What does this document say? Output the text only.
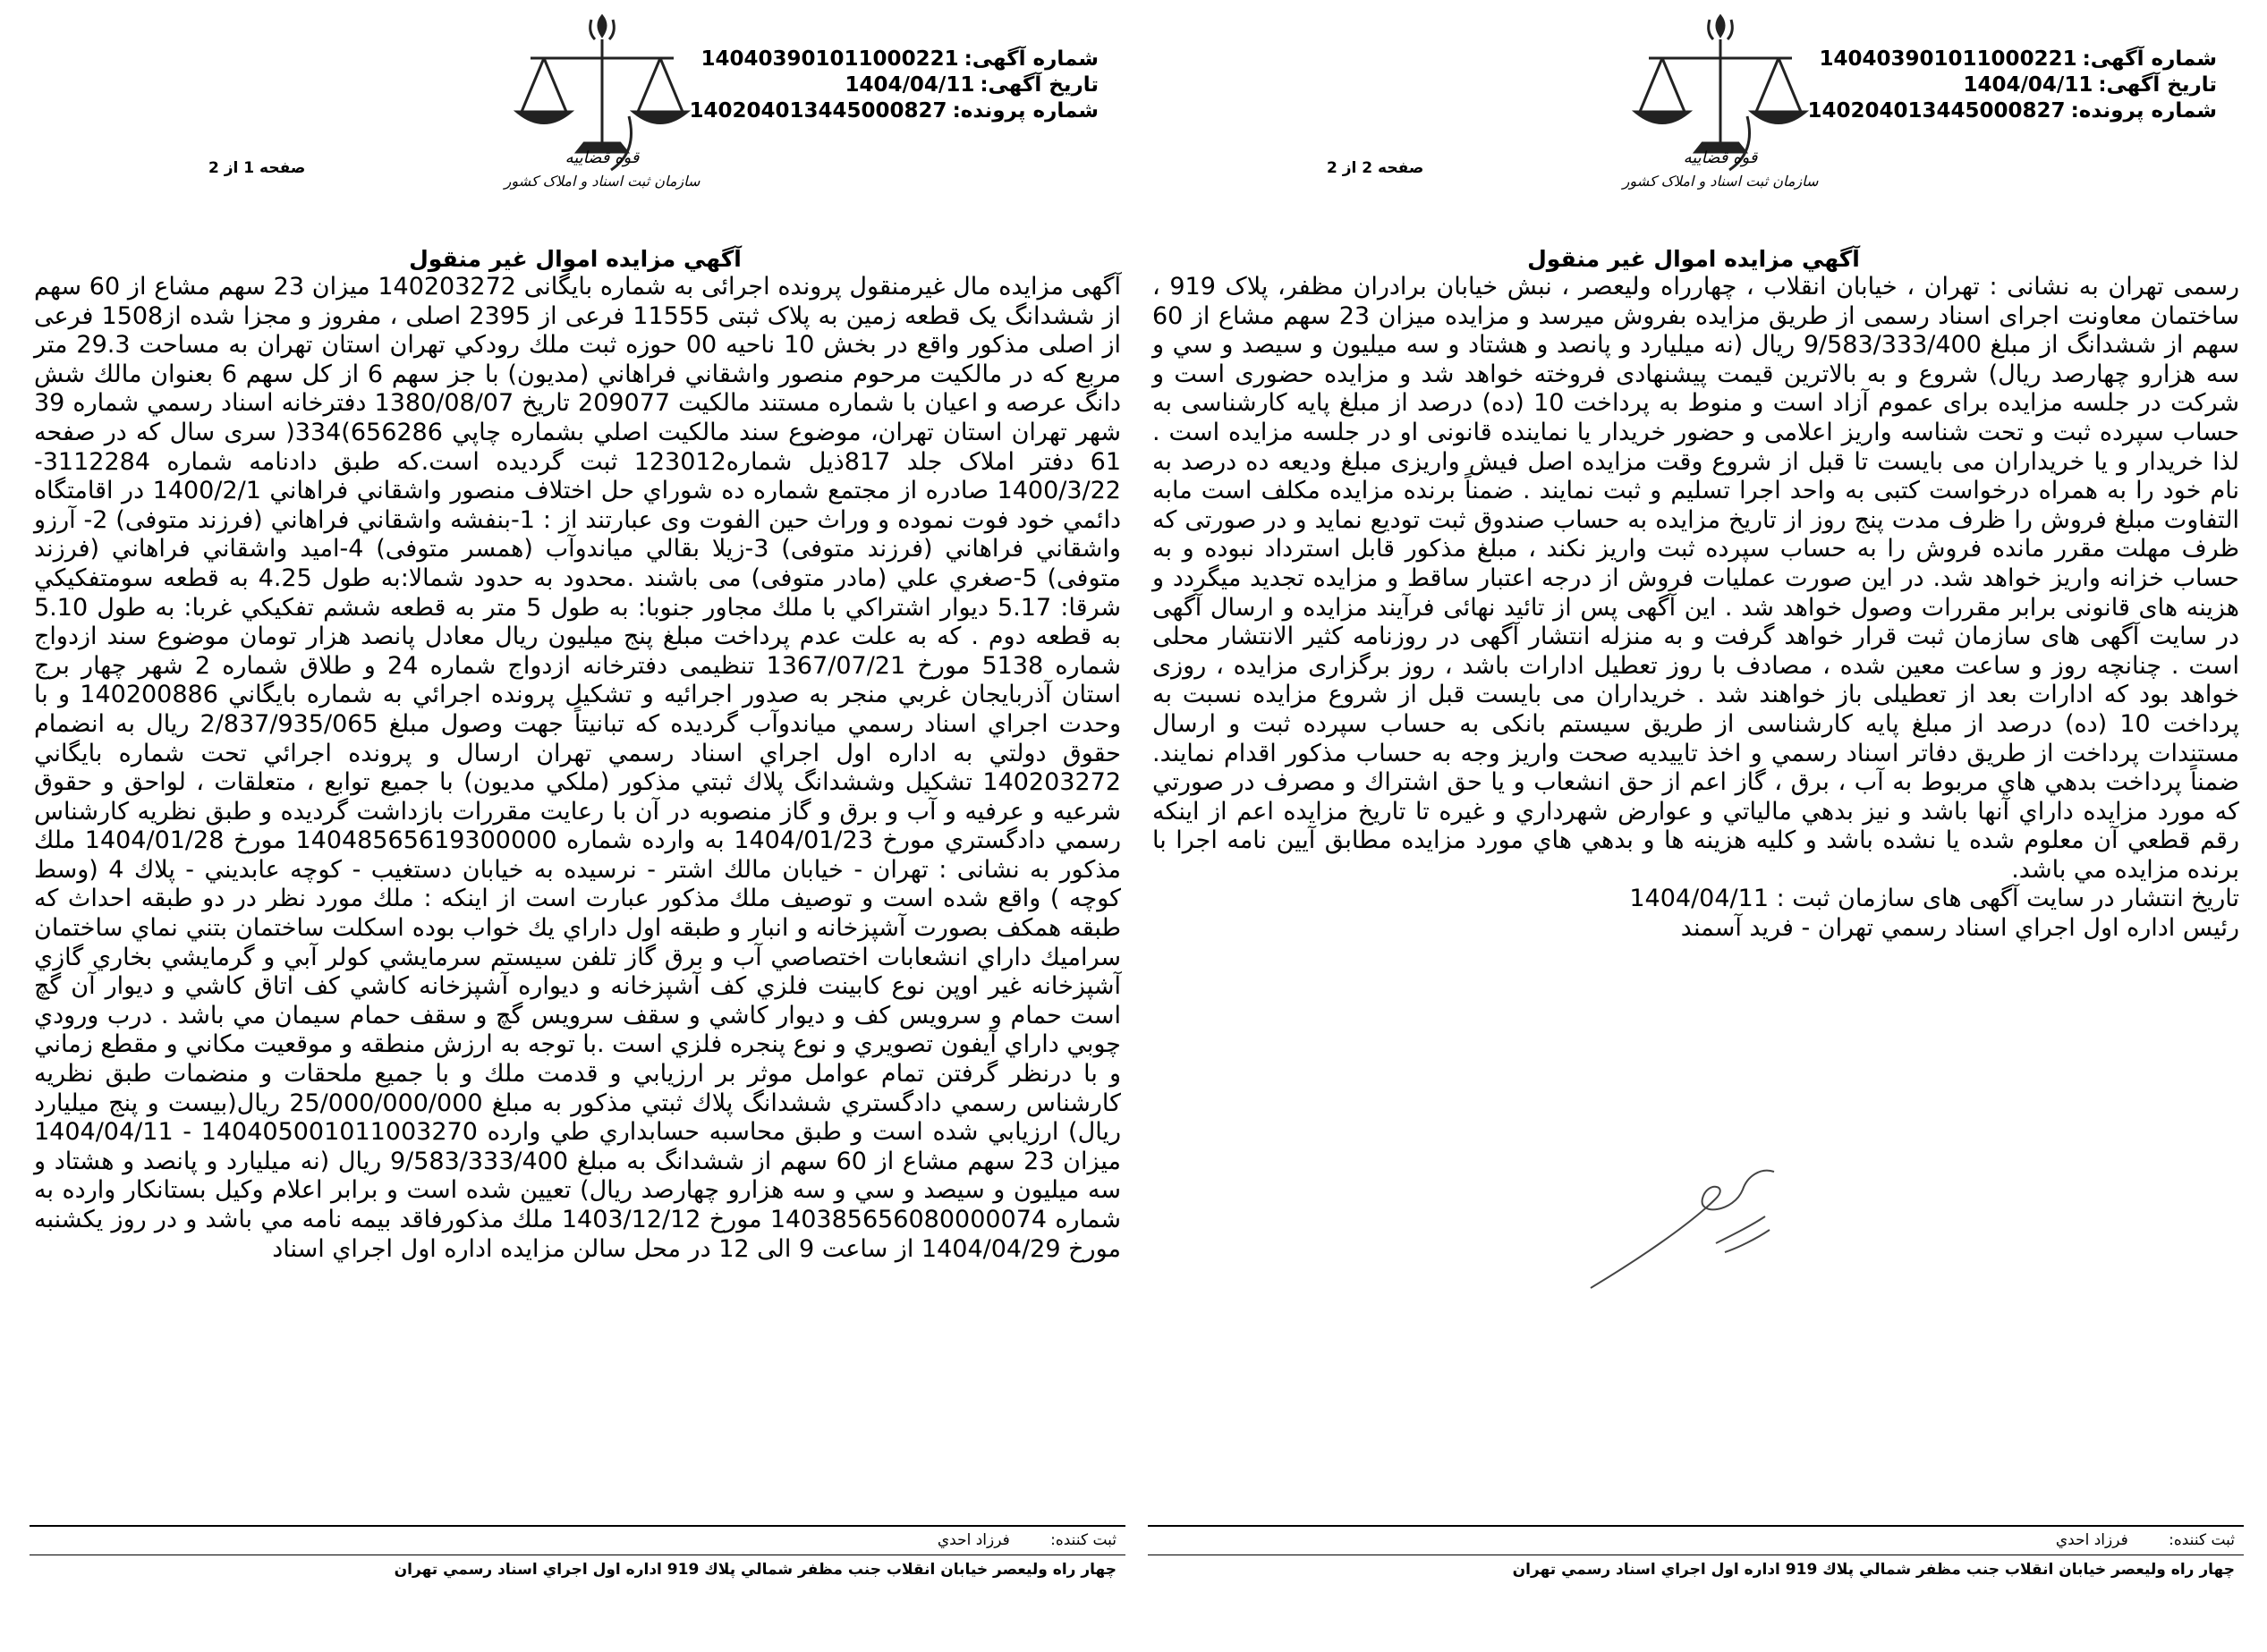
شماره آگهی:140403901011000221
تاریخ آگهی:1404/04/11
شماره پرونده:140204013445000827
قوه قضاییه
سازمان ثبت اسناد و املاک کشور
صفحه 1 از 2
آگهي مزايده اموال غير منقول

آگهی مزایده مال غیرمنقول پرونده اجرائی به شماره بایگانی 140203272 میزان 23 سهم مشاع از 60 سهم از ششدانگ یک قطعه زمین به پلاک ثبتی 11555 فرعی از 2395 اصلی ، مفروز و مجزا شده از1508 فرعی از اصلی مذکور واقع در بخش 10 ناحیه 00 حوزه ثبت ملك رودكي تهران استان تهران به مساحت 29.3 متر مربع كه در مالكيت مرحوم منصور واشقاني فراهاني (مديون) با جز سهم 6 از كل سهم 6 بعنوان مالك شش دانگ عرصه و اعيان با شماره مستند مالكيت 209077 تاريخ 1380/08/07 دفترخانه اسناد رسمي شماره 39 شهر تهران استان تهران، موضوع سند مالكيت اصلي بشماره چاپي 656286)334( سری سال که در صفحه 61 دفتر املاک جلد 817ذیل شماره123012 ثبت گرديده است.که طبق دادنامه شماره 3112284-1400/3/22 صادره از مجتمع شماره ده شوراي حل اختلاف منصور واشقاني فراهاني 1400/2/1 در اقامتگاه دائمي خود فوت نموده و وراث حين الفوت وی عبارتند از : 1-بنفشه واشقاني فراهاني (فرزند متوفی) 2- آرزو واشقاني فراهاني (فرزند متوفی) 3-زيلا بقالي مياندوآب (همسر متوفی) 4-اميد واشقاني فراهاني (فرزند متوفی) 5-صغري علي (مادر متوفی) می باشند .محدود به حدود شمالا:به طول 4.25 به قطعه سومتفكيكي شرقا: 5.17 ديوار اشتراكي با ملك مجاور جنوبا: به طول 5 متر به قطعه ششم تفكيكي غربا: به طول 5.10 به قطعه دوم . كه به علت عدم پرداخت مبلغ پنج ميليون ريال معادل پانصد هزار تومان موضوع سند ازدواج شماره 5138 مورخ 1367/07/21 تنظيمی دفترخانه ازدواج شماره 24 و طلاق شماره 2 شهر چهار برج استان آذربايجان غربي منجر به صدور اجرائيه و تشكيل پرونده اجرائي به شماره بايگاني 140200886 و با وحدت اجراي اسناد رسمي مياندوآب گرديده كه تبانيتاً جهت وصول مبلغ 2/837/935/065 ريال به انضمام حقوق دولتي به اداره اول اجراي اسناد رسمي تهران ارسال و پرونده اجرائي تحت شماره بايگاني 140203272 تشكيل وششدانگ پلاك ثبتي مذكور (ملكي مديون) با جميع توابع ، متعلقات ، لواحق و حقوق شرعيه و عرفيه و آب و برق و گاز منصوبه در آن با رعايت مقررات بازداشت گرديده و طبق نظريه كارشناس رسمي دادگستري مورخ 1404/01/23 به وارده شماره 14048565619300000 مورخ 1404/01/28 ملك مذكور به نشانی : تهران - خيابان مالك اشتر - نرسيده به خيابان دستغيب - كوچه عابديني - پلاك 4 (وسط كوچه ) واقع شده است و توصيف ملك مذكور عبارت است از اينكه : ملك مورد نظر در دو طبقه احداث كه طبقه همكف بصورت آشپزخانه و انبار و طبقه اول داراي يك خواب بوده اسكلت ساختمان بتني نماي ساختمان سراميك داراي انشعابات اختصاصي آب و برق گاز تلفن سيستم سرمايشي كولر آبي و گرمايشي بخاري گازي آشپزخانه غير اوپن نوع كابينت فلزي كف آشپزخانه و ديواره آشپزخانه كاشي كف اتاق كاشي و ديوار آن گچ است حمام و سرويس كف و ديوار كاشي و سقف سرويس گچ و سقف حمام سيمان مي باشد . درب ورودي چوبي داراي آيفون تصويري و نوع پنجره فلزي است .با توجه به ارزش منطقه و موقعيت مكاني و مقطع زماني و با درنظر گرفتن تمام عوامل موثر بر ارزيابي و قدمت ملك و با جميع ملحقات و منضمات طبق نظريه كارشناس رسمي دادگستري ششدانگ پلاك ثبتي مذكور به مبلغ 25/000/000/000 ريال(بيست و پنج ميليارد ريال) ارزيابي شده است و طبق محاسبه حسابداري طي وارده 140405001011003270 - 1404/04/11 ميزان 23 سهم مشاع از 60 سهم از ششدانگ به مبلغ 9/583/333/400 ريال (نه ميليارد و پانصد و هشتاد و سه ميليون و سيصد و سي و سه هزارو چهارصد ريال) تعيين شده است و برابر اعلام وكيل بستانكار وارده به شماره 140385656080000074 مورخ 1403/12/12 ملك مذكورفاقد بيمه نامه مي باشد و در روز يكشنبه مورخ 1404/04/29 از ساعت 9 الی 12 در محل سالن مزايده اداره اول اجراي اسناد

ثبت کننده: فرزاد احدي
چهار راه وليعصر خيابان انقلاب جنب مظفر شمالي پلاك 919 اداره اول اجراي اسناد رسمي تهران
شماره آگهی:140403901011000221
تاریخ آگهی:1404/04/11
شماره پرونده:140204013445000827
قوه قضاییه
سازمان ثبت اسناد و املاک کشور
صفحه 2 از 2
آگهي مزايده اموال غير منقول

رسمی تهران به نشانی : تهران ، خیابان انقلاب ، چهارراه ولیعصر ، نبش خیابان برادران مظفر، پلاک 919 ، ساختمان معاونت اجرای اسناد رسمی از طریق مزایده بفروش میرسد و مزایده میزان 23 سهم مشاع از 60 سهم از ششدانگ از مبلغ 9/583/333/400 ريال (نه ميليارد و پانصد و هشتاد و سه ميليون و سيصد و سي و سه هزارو چهارصد ريال) شروع و به بالاترین قیمت پیشنهادی فروخته خواهد شد و مزایده حضوری است و شرکت در جلسه مزایده برای عموم آزاد است و منوط به پرداخت 10 (ده) درصد از مبلغ پایه کارشناسی به حساب سپرده ثبت و تحت شناسه واریز اعلامی و حضور خریدار یا نماینده قانونی او در جلسه مزایده است . لذا خریدار و یا خریداران می بایست تا قبل از شروع وقت مزایده اصل فیش واریزی مبلغ ودیعه ده درصد به نام خود را به همراه درخواست کتبی به واحد اجرا تسلیم و ثبت نمایند . ضمناً برنده مزایده مکلف است مابه التفاوت مبلغ فروش را ظرف مدت پنج روز از تاریخ مزایده به حساب صندوق ثبت تودیع نماید و در صورتی که ظرف مهلت مقرر مانده فروش را به حساب سپرده ثبت واریز نکند ، مبلغ مذکور قابل استرداد نبوده و به حساب خزانه واریز خواهد شد. در این صورت عملیات فروش از درجه اعتبار ساقط و مزایده تجدید میگردد و هزینه های قانونی برابر مقررات وصول خواهد شد . این آگهی پس از تائید نهائی فرآیند مزایده و ارسال آگهی در سایت آگهی های سازمان ثبت قرار خواهد گرفت و به منزله انتشار آگهی در روزنامه کثیر الانتشار محلی است . چنانچه روز و ساعت معین شده ، مصادف با روز تعطیل ادارات باشد ، روز برگزاری مزایده ، روزی خواهد بود که ادارات بعد از تعطیلی باز خواهند شد . خریداران می بایست قبل از شروع مزایده نسبت به پرداخت 10 (ده) درصد از مبلغ پایه کارشناسی از طریق سیستم بانکی به حساب سپرده ثبت و ارسال مستندات پرداخت از طریق دفاتر اسناد رسمي و اخذ تاييديه صحت واريز وجه به حساب مذكور اقدام نمایند. ضمناً پرداخت بدهي هاي مربوط به آب ، برق ، گاز اعم از حق انشعاب و يا حق اشتراك و مصرف در صورتي كه مورد مزايده داراي آنها باشد و نيز بدهي مالياتي و عوارض شهرداري و غيره تا تاريخ مزايده اعم از اينكه رقم قطعي آن معلوم شده يا نشده باشد و كليه هزينه ها و بدهي هاي مورد مزايده مطابق آيين نامه اجرا با برنده مزايده مي باشد.

تاریخ انتشار در سایت آگهی های سازمان ثبت : 1404/04/11
رئيس اداره اول اجراي اسناد رسمي تهران - فريد آسمند
ثبت کننده: فرزاد احدي
چهار راه وليعصر خيابان انقلاب جنب مظفر شمالي پلاك 919 اداره اول اجراي اسناد رسمي تهران
